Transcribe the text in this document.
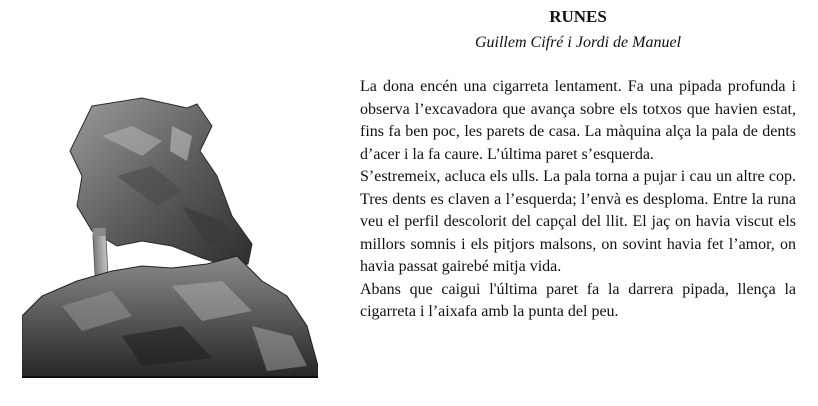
RUNES
Guillem Cifré i Jordi de Manuel

La dona encén una cigarreta lentament. Fa una pipada profunda i observa l’excavadora que avança sobre els totxos que havien estat, fins fa ben poc, les parets de casa. La màquina alça la pala de dents d’acer i la fa caure. L’última paret s’esquerda.

S’estremeix, acluca els ulls. La pala torna a pujar i cau un altre cop. Tres dents es claven a l’esquerda; l’envà es desploma. Entre la runa veu el perfil descolorit del capçal del llit. El jaç on havia viscut els millors somnis i els pitjors malsons, on sovint havia fet l’amor, on havia passat gairebé mitja vida.

Abans que caigui l'última paret fa la darrera pipada, llença la cigarreta i l’aixafa amb la punta del peu.
